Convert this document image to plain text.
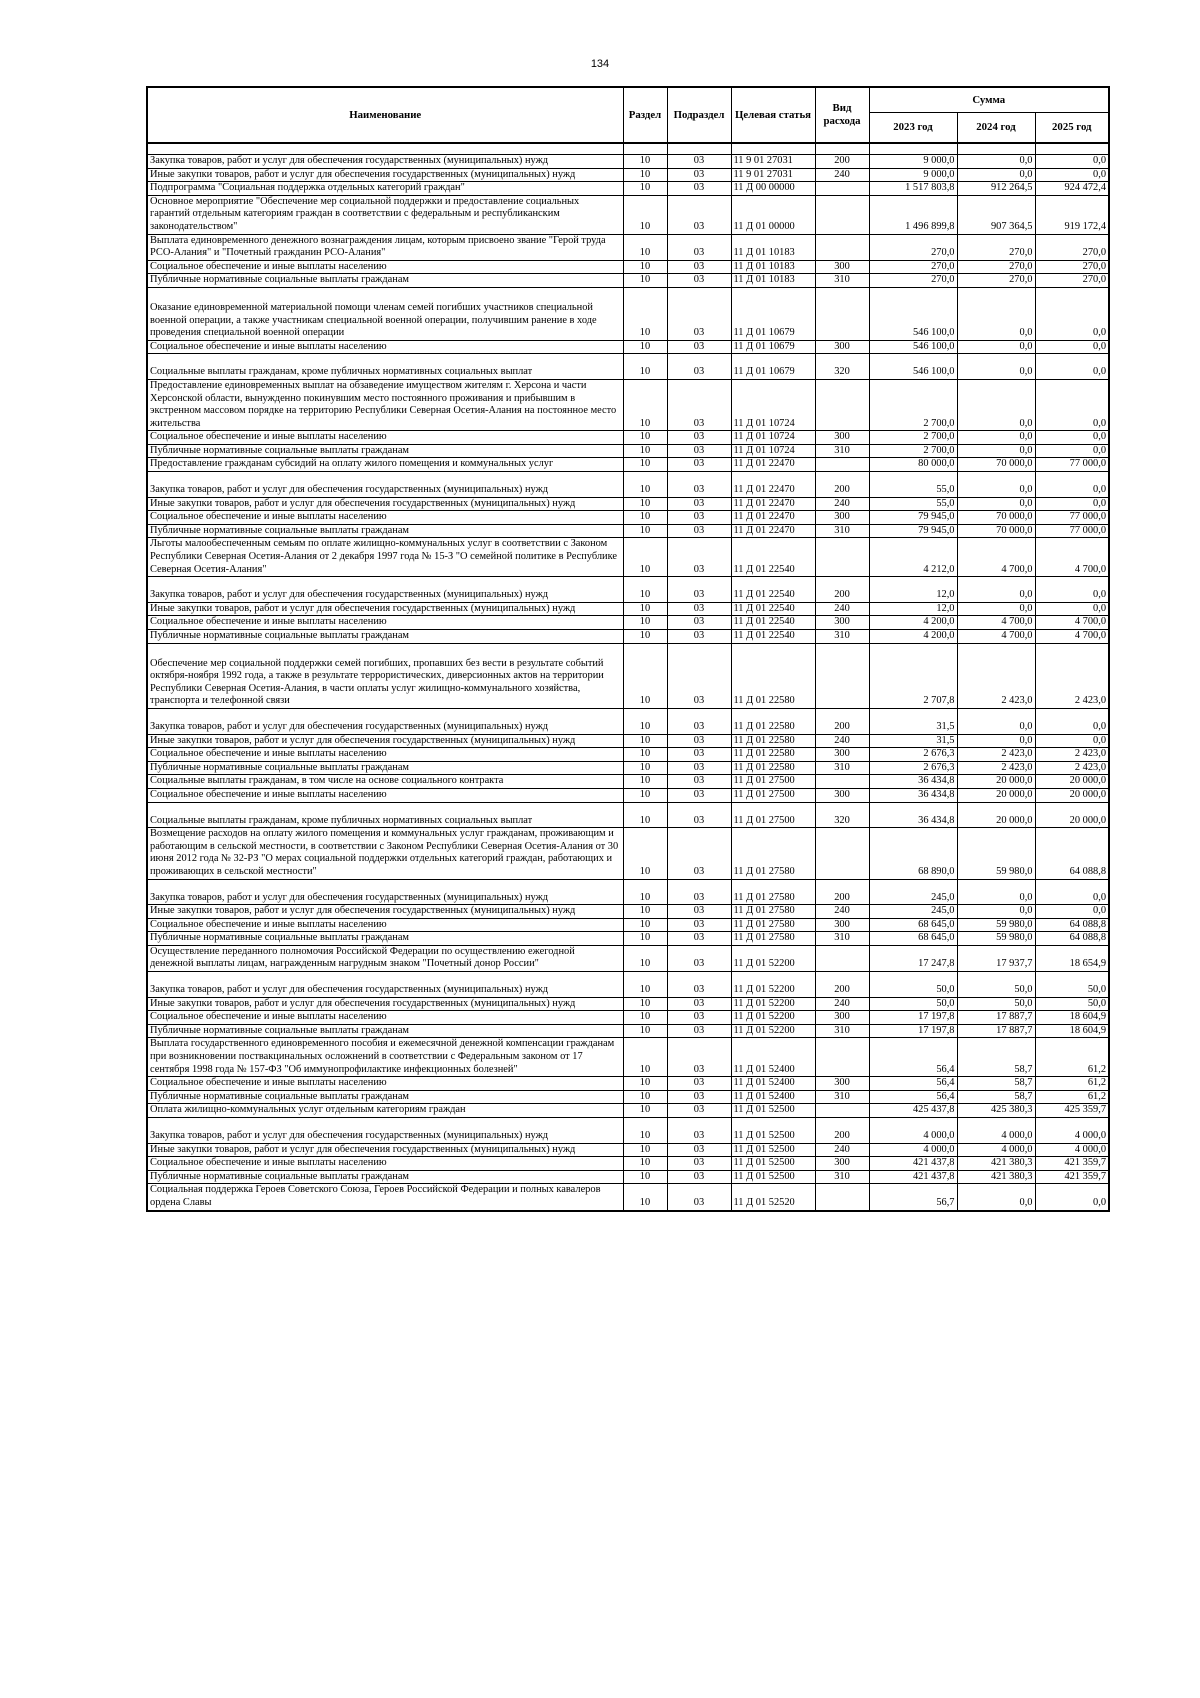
134
Наименование	Раздел	Подраздел	Целевая статья	Вид расхода	Сумма		
					2023 год	2024 год	2025 год

Закупка товаров, работ и услуг для обеспечения государственных (муниципальных) нужд	10	03	11 9 01 27031	200	9 000,0	0,0	0,0
Иные закупки товаров, работ и услуг для обеспечения государственных (муниципальных) нужд	10	03	11 9 01 27031	240	9 000,0	0,0	0,0
Подпрограмма "Социальная поддержка отдельных категорий граждан"	10	03	11 Д 00 00000		1 517 803,8	912 264,5	924 472,4
Основное мероприятие "Обеспечение мер социальной поддержки и предоставление социальных гарантий отдельным категориям граждан в соответствии с федеральным и республиканским законодательством"	10	03	11 Д 01 00000		1 496 899,8	907 364,5	919 172,4
Выплата единовременного денежного вознаграждения лицам, которым присвоено звание "Герой труда РСО-Алания" и "Почетный гражданин РСО-Алания"	10	03	11 Д 01 10183		270,0	270,0	270,0
Социальное обеспечение и иные выплаты населению	10	03	11 Д 01 10183	300	270,0	270,0	270,0
Публичные нормативные социальные выплаты гражданам	10	03	11 Д 01 10183	310	270,0	270,0	270,0
Оказание единовременной материальной помощи членам семей погибших участников специальной военной операции, а также участникам специальной военной операции, получившим ранение в ходе проведения специальной военной операции	10	03	11 Д 01 10679		546 100,0	0,0	0,0
Социальное обеспечение и иные выплаты населению	10	03	11 Д 01 10679	300	546 100,0	0,0	0,0
Социальные выплаты гражданам, кроме публичных нормативных социальных выплат	10	03	11 Д 01 10679	320	546 100,0	0,0	0,0
Предоставление единовременных выплат на обзаведение имуществом жителям г. Херсона и части Херсонской области, вынужденно покинувшим место постоянного проживания и прибывшим в экстренном массовом порядке на территорию Республики Северная Осетия-Алания на постоянное место жительства	10	03	11 Д 01 10724		2 700,0	0,0	0,0
Социальное обеспечение и иные выплаты населению	10	03	11 Д 01 10724	300	2 700,0	0,0	0,0
Публичные нормативные социальные выплаты гражданам	10	03	11 Д 01 10724	310	2 700,0	0,0	0,0
Предоставление гражданам субсидий на оплату жилого помещения и коммунальных услуг	10	03	11 Д 01 22470		80 000,0	70 000,0	77 000,0
Закупка товаров, работ и услуг для обеспечения государственных (муниципальных) нужд	10	03	11 Д 01 22470	200	55,0	0,0	0,0
Иные закупки товаров, работ и услуг для обеспечения государственных (муниципальных) нужд	10	03	11 Д 01 22470	240	55,0	0,0	0,0
Социальное обеспечение и иные выплаты населению	10	03	11 Д 01 22470	300	79 945,0	70 000,0	77 000,0
Публичные нормативные социальные выплаты гражданам	10	03	11 Д 01 22470	310	79 945,0	70 000,0	77 000,0
Льготы малообеспеченным семьям по оплате жилищно-коммунальных услуг в соответствии с Законом Республики Северная Осетия-Алания от 2 декабря 1997 года № 15-З "О семейной политике в Республике Северная Осетия-Алания"	10	03	11 Д 01 22540		4 212,0	4 700,0	4 700,0
Закупка товаров, работ и услуг для обеспечения государственных (муниципальных) нужд	10	03	11 Д 01 22540	200	12,0	0,0	0,0
Иные закупки товаров, работ и услуг для обеспечения государственных (муниципальных) нужд	10	03	11 Д 01 22540	240	12,0	0,0	0,0
Социальное обеспечение и иные выплаты населению	10	03	11 Д 01 22540	300	4 200,0	4 700,0	4 700,0
Публичные нормативные социальные выплаты гражданам	10	03	11 Д 01 22540	310	4 200,0	4 700,0	4 700,0
Обеспечение мер социальной поддержки семей погибших, пропавших без вести в результате событий октября-ноября 1992 года, а также в результате террористических, диверсионных актов на территории Республики Северная Осетия-Алания, в части оплаты услуг жилищно-коммунального хозяйства, транспорта и телефонной связи	10	03	11 Д 01 22580		2 707,8	2 423,0	2 423,0
Закупка товаров, работ и услуг для обеспечения государственных (муниципальных) нужд	10	03	11 Д 01 22580	200	31,5	0,0	0,0
Иные закупки товаров, работ и услуг для обеспечения государственных (муниципальных) нужд	10	03	11 Д 01 22580	240	31,5	0,0	0,0
Социальное обеспечение и иные выплаты населению	10	03	11 Д 01 22580	300	2 676,3	2 423,0	2 423,0
Публичные нормативные социальные выплаты гражданам	10	03	11 Д 01 22580	310	2 676,3	2 423,0	2 423,0
Социальные выплаты гражданам, в том числе на основе социального контракта	10	03	11 Д 01 27500		36 434,8	20 000,0	20 000,0
Социальное обеспечение и иные выплаты населению	10	03	11 Д 01 27500	300	36 434,8	20 000,0	20 000,0
Социальные выплаты гражданам, кроме публичных нормативных социальных выплат	10	03	11 Д 01 27500	320	36 434,8	20 000,0	20 000,0
Возмещение расходов на оплату жилого помещения и коммунальных услуг гражданам, проживающим и работающим в сельской местности, в соответствии с Законом Республики Северная Осетия-Алания от 30 июня 2012 года № 32-РЗ "О мерах социальной поддержки отдельных категорий граждан, работающих и проживающих в сельской местности"	10	03	11 Д 01 27580		68 890,0	59 980,0	64 088,8
Закупка товаров, работ и услуг для обеспечения государственных (муниципальных) нужд	10	03	11 Д 01 27580	200	245,0	0,0	0,0
Иные закупки товаров, работ и услуг для обеспечения государственных (муниципальных) нужд	10	03	11 Д 01 27580	240	245,0	0,0	0,0
Социальное обеспечение и иные выплаты населению	10	03	11 Д 01 27580	300	68 645,0	59 980,0	64 088,8
Публичные нормативные социальные выплаты гражданам	10	03	11 Д 01 27580	310	68 645,0	59 980,0	64 088,8
Осуществление переданного полномочия Российской Федерации по осуществлению ежегодной денежной выплаты лицам, награжденным нагрудным знаком "Почетный донор России"	10	03	11 Д 01 52200		17 247,8	17 937,7	18 654,9
Закупка товаров, работ и услуг для обеспечения государственных (муниципальных) нужд	10	03	11 Д 01 52200	200	50,0	50,0	50,0
Иные закупки товаров, работ и услуг для обеспечения государственных (муниципальных) нужд	10	03	11 Д 01 52200	240	50,0	50,0	50,0
Социальное обеспечение и иные выплаты населению	10	03	11 Д 01 52200	300	17 197,8	17 887,7	18 604,9
Публичные нормативные социальные выплаты гражданам	10	03	11 Д 01 52200	310	17 197,8	17 887,7	18 604,9
Выплата государственного единовременного пособия и ежемесячной денежной компенсации гражданам при возникновении поствакцинальных осложнений в соответствии с Федеральным законом от 17 сентября 1998 года № 157-ФЗ "Об иммунопрофилактике инфекционных болезней"	10	03	11 Д 01 52400		56,4	58,7	61,2
Социальное обеспечение и иные выплаты населению	10	03	11 Д 01 52400	300	56,4	58,7	61,2
Публичные нормативные социальные выплаты гражданам	10	03	11 Д 01 52400	310	56,4	58,7	61,2
Оплата жилищно-коммунальных услуг отдельным категориям граждан	10	03	11 Д 01 52500		425 437,8	425 380,3	425 359,7
Закупка товаров, работ и услуг для обеспечения государственных (муниципальных) нужд	10	03	11 Д 01 52500	200	4 000,0	4 000,0	4 000,0
Иные закупки товаров, работ и услуг для обеспечения государственных (муниципальных) нужд	10	03	11 Д 01 52500	240	4 000,0	4 000,0	4 000,0
Социальное обеспечение и иные выплаты населению	10	03	11 Д 01 52500	300	421 437,8	421 380,3	421 359,7
Публичные нормативные социальные выплаты гражданам	10	03	11 Д 01 52500	310	421 437,8	421 380,3	421 359,7
Социальная поддержка Героев Советского Союза, Героев Российской Федерации и полных кавалеров ордена Славы	10	03	11 Д 01 52520		56,7	0,0	0,0
